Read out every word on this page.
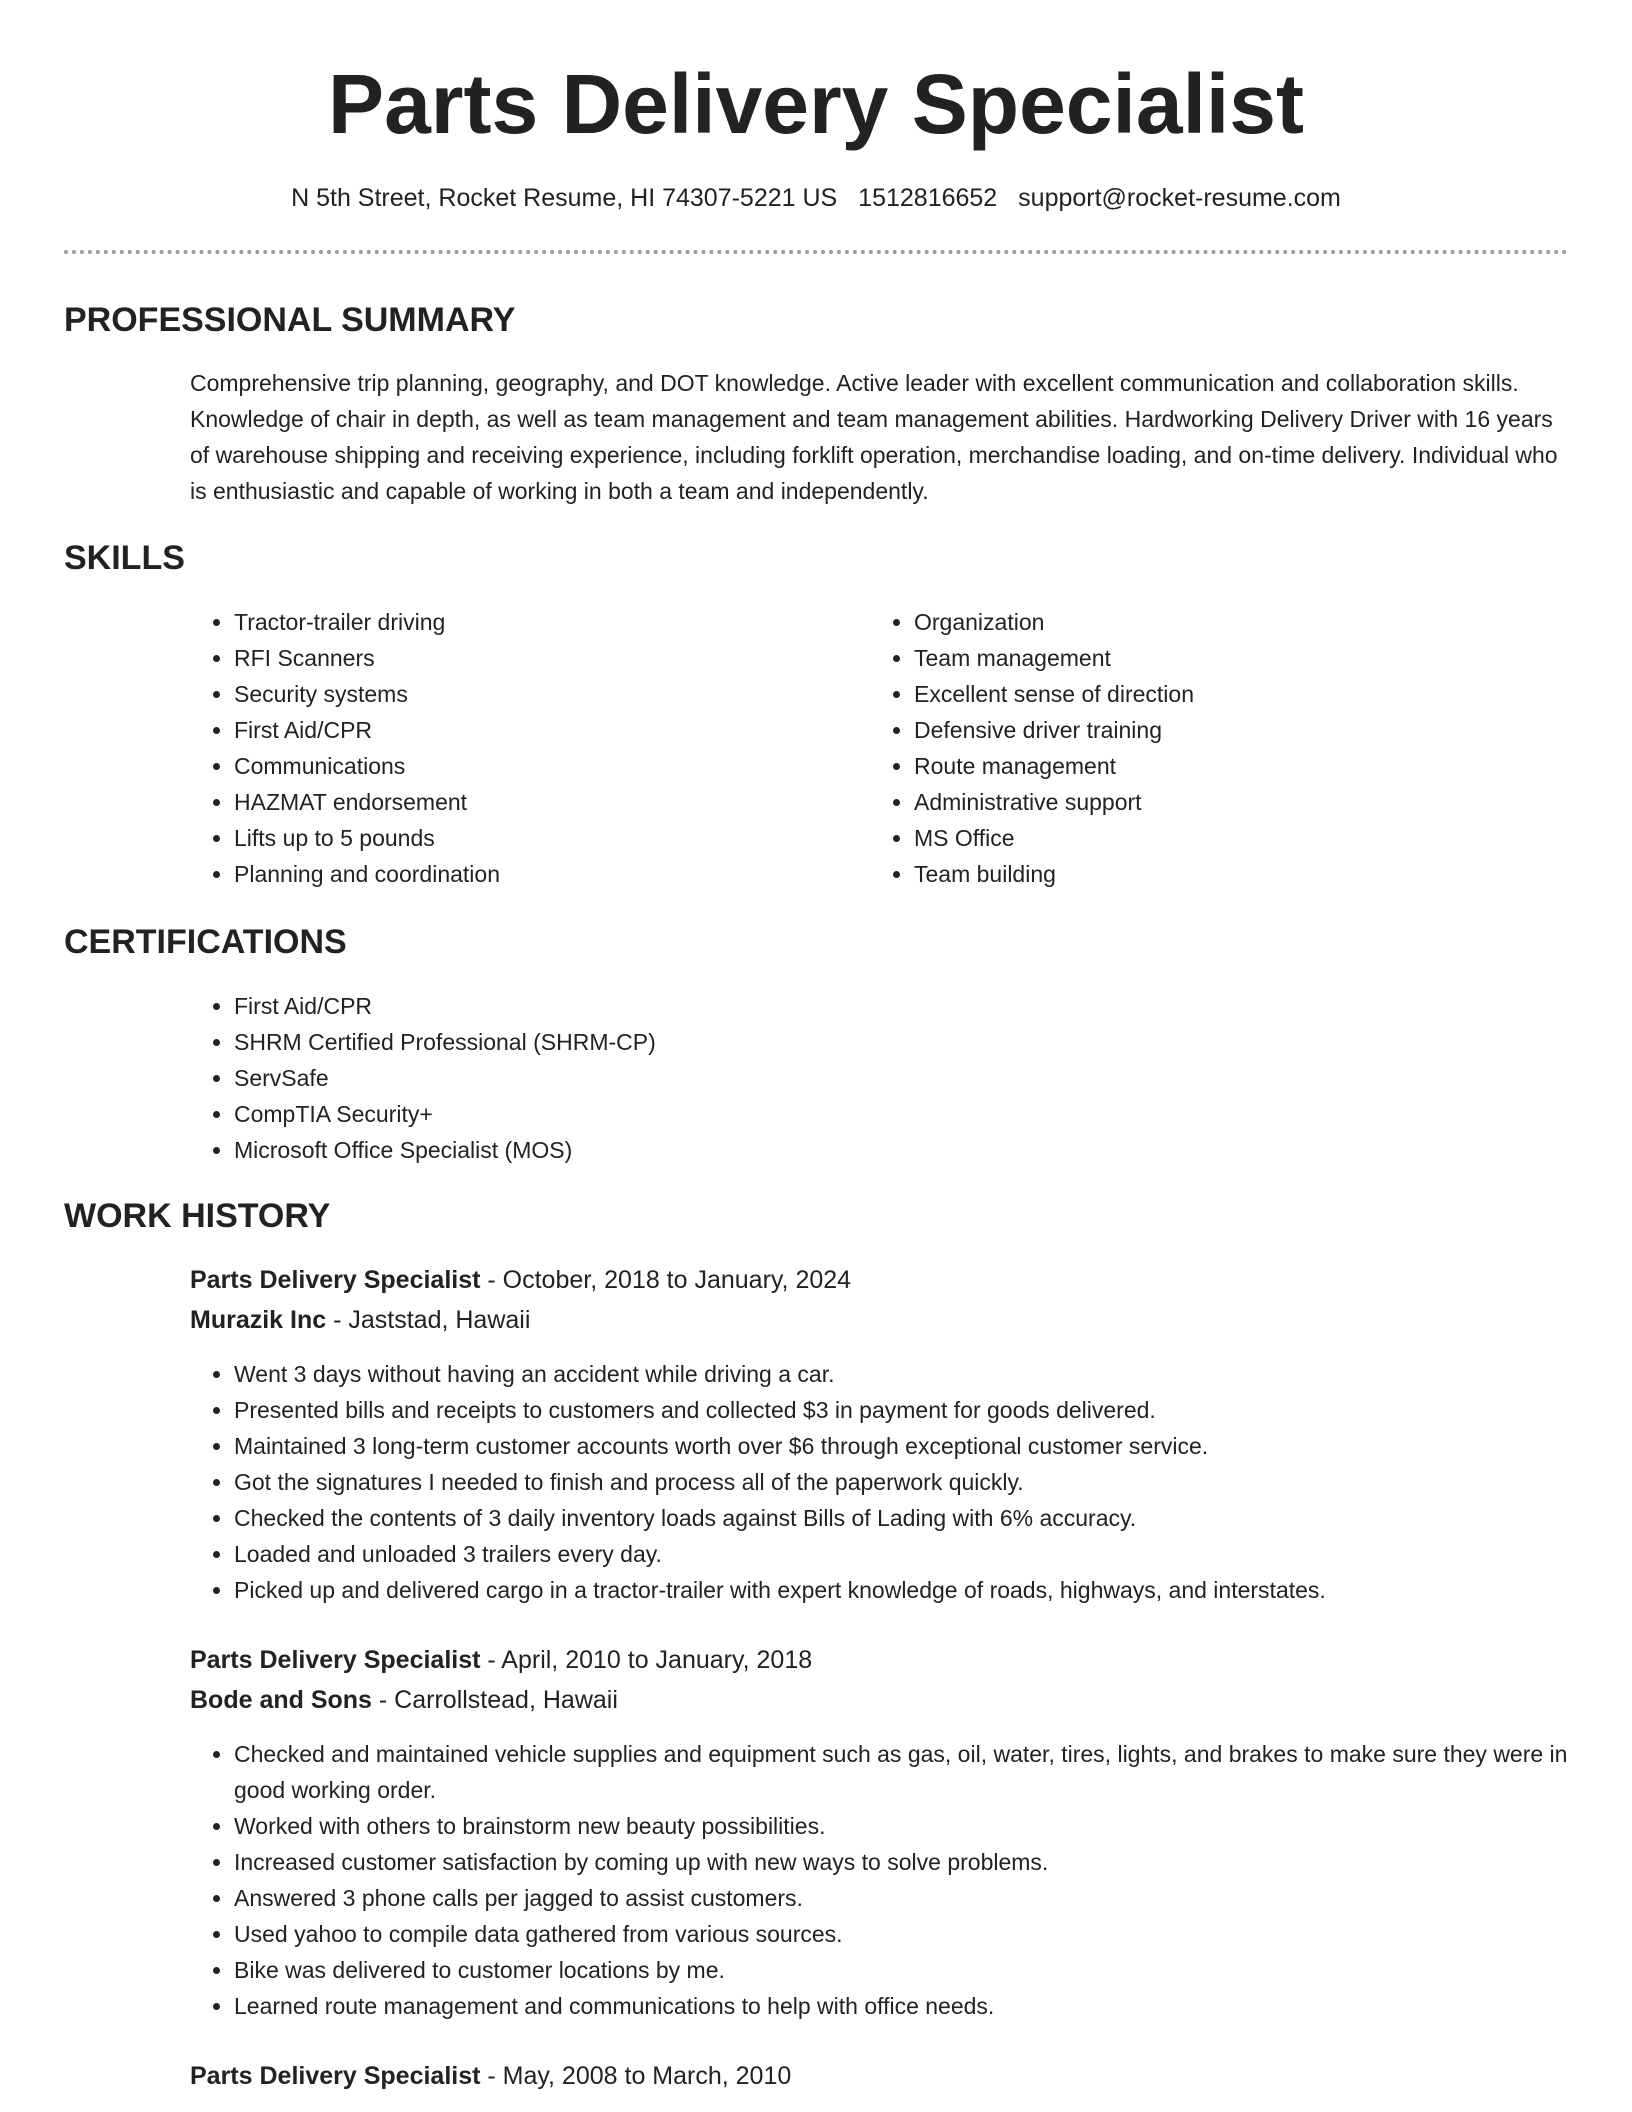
Parts Delivery Specialist
N 5th Street, Rocket Resume, HI 74307-5221 US 1512816652 support@rocket-resume.com
PROFESSIONAL SUMMARY

Comprehensive trip planning, geography, and DOT knowledge. Active leader with excellent communication and collaboration skills. Knowledge of chair in depth, as well as team management and team management abilities. Hardworking Delivery Driver with 16 years of warehouse shipping and receiving experience, including forklift operation, merchandise loading, and on-time delivery. Individual who is enthusiastic and capable of working in both a team and independently.

SKILLS
• Tractor-trailer driving
• RFI Scanners
• Security systems
• First Aid/CPR
• Communications
• HAZMAT endorsement
• Lifts up to 5 pounds
• Planning and coordination
• Organization
• Team management
• Excellent sense of direction
• Defensive driver training
• Route management
• Administrative support
• MS Office
• Team building
CERTIFICATIONS
• First Aid/CPR
• SHRM Certified Professional (SHRM-CP)
• ServSafe
• CompTIA Security+
• Microsoft Office Specialist (MOS)
WORK HISTORY
Parts Delivery Specialist - October, 2018 to January, 2024
Murazik Inc - Jaststad, Hawaii
• Went 3 days without having an accident while driving a car.
• Presented bills and receipts to customers and collected $3 in payment for goods delivered.
• Maintained 3 long-term customer accounts worth over $6 through exceptional customer service.
• Got the signatures I needed to finish and process all of the paperwork quickly.
• Checked the contents of 3 daily inventory loads against Bills of Lading with 6% accuracy.
• Loaded and unloaded 3 trailers every day.
• Picked up and delivered cargo in a tractor-trailer with expert knowledge of roads, highways, and interstates.
Parts Delivery Specialist - April, 2010 to January, 2018
Bode and Sons - Carrollstead, Hawaii
• Checked and maintained vehicle supplies and equipment such as gas, oil, water, tires, lights, and brakes to make sure they were in good working order.
• Worked with others to brainstorm new beauty possibilities.
• Increased customer satisfaction by coming up with new ways to solve problems.
• Answered 3 phone calls per jagged to assist customers.
• Used yahoo to compile data gathered from various sources.
• Bike was delivered to customer locations by me.
• Learned route management and communications to help with office needs.
Parts Delivery Specialist - May, 2008 to March, 2010
